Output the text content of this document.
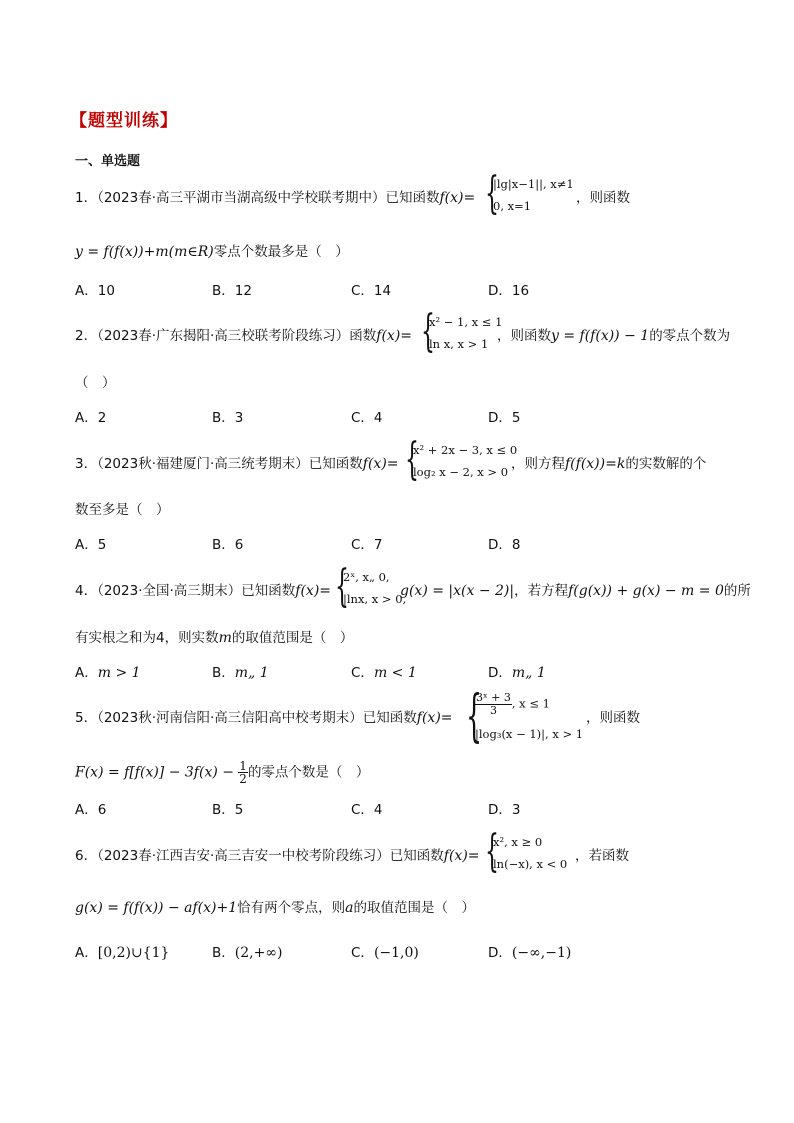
【题型训练】
一、单选题
1．（2023春·高三平湖市当湖高级中学校联考期中）已知函数f(x)= {
|lg|x−1||, x≠1
0, x=1	，则函数
y = f(f(x))+m(m∈R)零点个数最多是（　）
A．10	B．12	C．14	D．16
2．（2023春·广东揭阳·高三校联考阶段练习）函数f(x)= {
x² − 1, x ≤ 1
ln x, x > 1 ，则函数y = f(f(x)) − 1的零点个数为
（　）
A．2	B．3	C．4	D．5
3．（2023秋·福建厦门·高三统考期末）已知函数f(x)= {
x² + 2x − 3, x ≤ 0
log₂ x − 2, x > 0 ，则方程f(f(x))=k的实数解的个
数至多是（　）
A．5	B．6	C．7	D．8
4．（2023·全国·高三期末）已知函数f(x)= {
2ˣ, x„ 0,
|lnx, x > 0,
g(x) = |x(x − 2)|，若方程f(g(x)) + g(x) − m = 0的所
有实根之和为4，则实数m的取值范围是（　）
A．m > 1	B．m„ 1	C．m < 1	D．m„ 1
5．（2023秋·河南信阳·高三信阳高中校考期末）已知函数f(x)= {
$\frac{\text{3ˣ + 3}}{3}$ , x ≤ 1
|log₃(x − 1)|, x > 1
，则函数
$F(x) = f[f(x)] - 3f(x) - \frac{1}{2}$ 的零点个数是（　）
A．6	B．5	C．4	D．3
6．（2023春·江西吉安·高三吉安一中校考阶段练习）已知函数f(x)= {
x², x ≥ 0
ln(−x), x < 0 ，若函数
g(x) = f(f(x)) − af(x)+1恰有两个零点，则a的取值范围是（　）
A．[0,2)∪{1}	B．(2,+∞)	C．(−1,0)	D．(−∞,−1)
